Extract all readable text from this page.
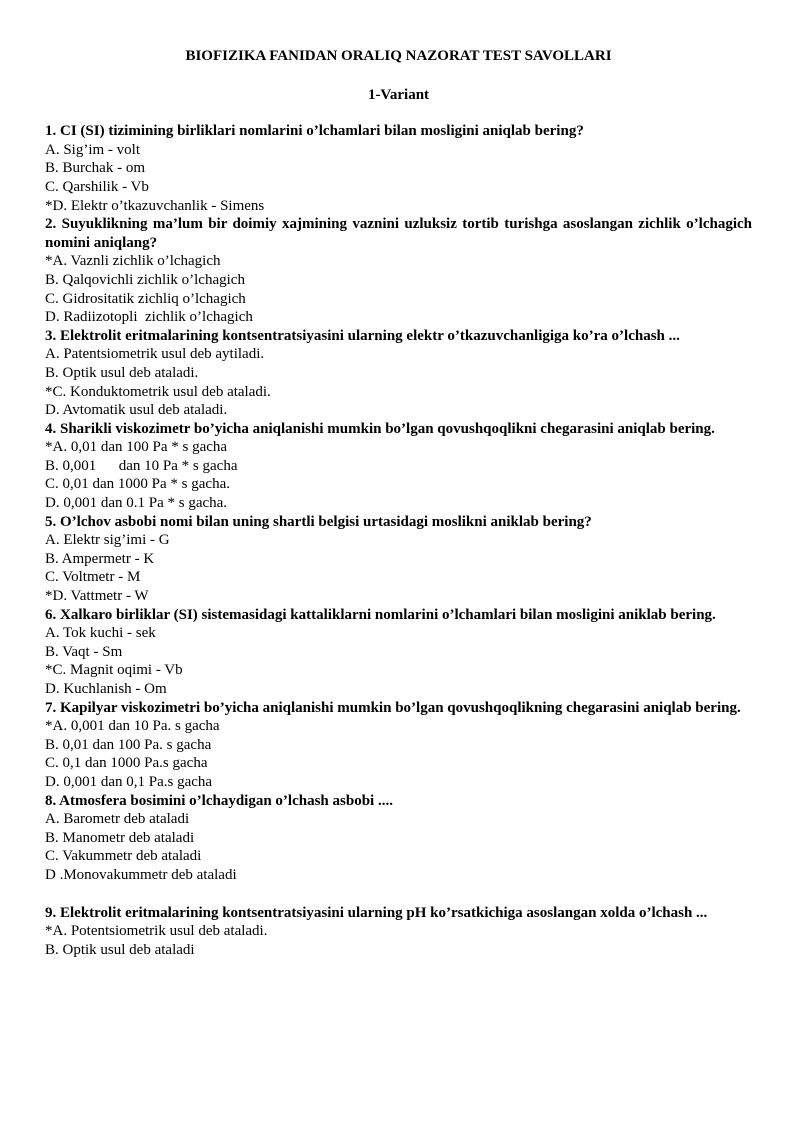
BIOFIZIKA FANIDAN ORALIQ NAZORAT TEST SAVOLLARI

1-Variant

1. CI (SI) tizimining birliklari nomlarini o’lchamlari bilan mosligini aniqlab bering?

A. Sig’im - volt

B. Burchak - om

C. Qarshilik - Vb

*D. Elektr o’tkazuvchanlik - Simens

2. Suyuklikning ma’lum bir doimiy xajmining vaznini uzluksiz tortib turishga asoslangan zichlik o’lchagich nomini aniqlang?

*A. Vaznli zichlik o’lchagich

B. Qalqovichli zichlik o’lchagich

C. Gidrositatik zichliq o’lchagich

D. Radiizotopli  zichlik o’lchagich

3. Elektrolit eritmalarining kontsentratsiyasini ularning elektr o’tkazuvchanligiga ko’ra o’lchash ...

A. Patentsiometrik usul deb aytiladi.

B. Optik usul deb ataladi.

*C. Konduktometrik usul deb ataladi.

D. Avtomatik usul deb ataladi.

4. Sharikli viskozimetr bo’yicha aniqlanishi mumkin bo’lgan qovushqoqlikni chegarasini aniqlab bering.

*A. 0,01 dan 100 Pa * s gacha

B. 0,001      dan 10 Pa * s gacha

C. 0,01 dan 1000 Pa * s gacha.

D. 0,001 dan 0.1 Pa * s gacha.

5. O’lchov asbobi nomi bilan uning shartli belgisi urtasidagi moslikni aniklab bering?

A. Elektr sig’imi - G

B. Ampermetr - K

C. Voltmetr - M

*D. Vattmetr - W

6. Xalkaro birliklar (SI) sistemasidagi kattaliklarni nomlarini o’lchamlari bilan mosligini aniklab bering.

A. Tok kuchi - sek

B. Vaqt - Sm

*C. Magnit oqimi - Vb

D. Kuchlanish - Om

7. Kapilyar viskozimetri bo’yicha aniqlanishi mumkin bo’lgan qovushqoqlikning chegarasini aniqlab bering.

*A. 0,001 dan 10 Pa. s gacha

B. 0,01 dan 100 Pa. s gacha

C. 0,1 dan 1000 Pa.s gacha

D. 0,001 dan 0,1 Pa.s gacha

8. Atmosfera bosimini o’lchaydigan o’lchash asbobi ....

A. Barometr deb ataladi

B. Manometr deb ataladi

C. Vakummetr deb ataladi

D .Monovakummetr deb ataladi

9. Elektrolit eritmalarining kontsentratsiyasini ularning pH ko’rsatkichiga asoslangan xolda o’lchash ...

*A. Potentsiometrik usul deb ataladi.

B. Optik usul deb ataladi
